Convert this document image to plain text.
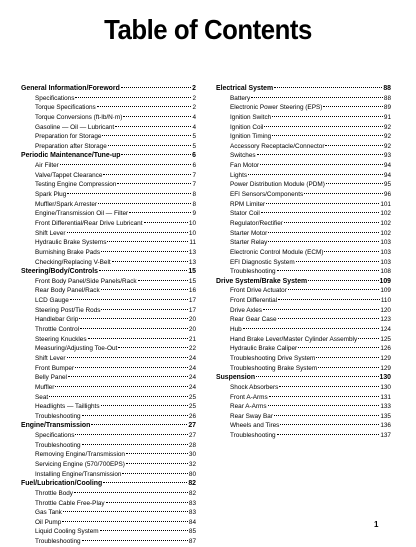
Table of Contents
General Information/Foreword	2
Specifications	2
Torque Specifications	2
Torque Conversions (ft-lb/N·m)	4
Gasoline — Oil — Lubricant	4
Preparation for Storage	5
Preparation after Storage	5
Periodic Maintenance/Tune-up	6
Air Filter	6
Valve/Tappet Clearance	7
Testing Engine Compression	7
Spark Plug	8
Muffler/Spark Arrester	8
Engine/Transmission Oil — Filter	9
Front Differential/Rear Drive Lubricant	10
Shift Lever	10
Hydraulic Brake Systems	11
Burnishing Brake Pads	13
Checking/Replacing V-Belt	13
Steering/Body/Controls	15
Front Body Panel/Side Panels/Rack	15
Rear Body Panel/Rack	16
LCD Gauge	17
Steering Post/Tie Rods	17
Handlebar Grip	20
Throttle Control	20
Steering Knuckles	21
Measuring/Adjusting Toe-Out	22
Shift Lever	24
Front Bumper	24
Belly Panel	24
Muffler	24
Seat	25
Headlights — Taillights	25
Troubleshooting	26
Engine/Transmission	27
Specifications	27
Troubleshooting	28
Removing Engine/Transmission	30
Servicing Engine (570/700EPS)	32
Installing Engine/Transmission	80
Fuel/Lubrication/Cooling	82
Throttle Body	82
Throttle Cable Free-Play	83
Gas Tank	83
Oil Pump	84
Liquid Cooling System	85
Troubleshooting	87
Electrical System	88
Battery	88
Electronic Power Steering (EPS)	89
Ignition Switch	91
Ignition Coil	92
Ignition Timing	92
Accessory Receptacle/Connector	92
Switches	93
Fan Motor	94
Lights	94
Power Distribution Module (PDM)	95
EFI Sensors/Components	96
RPM Limiter	101
Stator Coil	102
Regulator/Rectifier	102
Starter Motor	102
Starter Relay	103
Electronic Control Module (ECM)	103
EFI Diagnostic System	103
Troubleshooting	108
Drive System/Brake System	109
Front Drive Actuator	109
Front Differential	110
Drive Axles	120
Rear Gear Case	123
Hub	124
Hand Brake Lever/Master Cylinder Assembly	125
Hydraulic Brake Caliper	126
Troubleshooting Drive System	129
Troubleshooting Brake System	129
Suspension	130
Shock Absorbers	130
Front A-Arms	131
Rear A-Arms	133
Rear Sway Bar	135
Wheels and Tires	136
Troubleshooting	137
1
